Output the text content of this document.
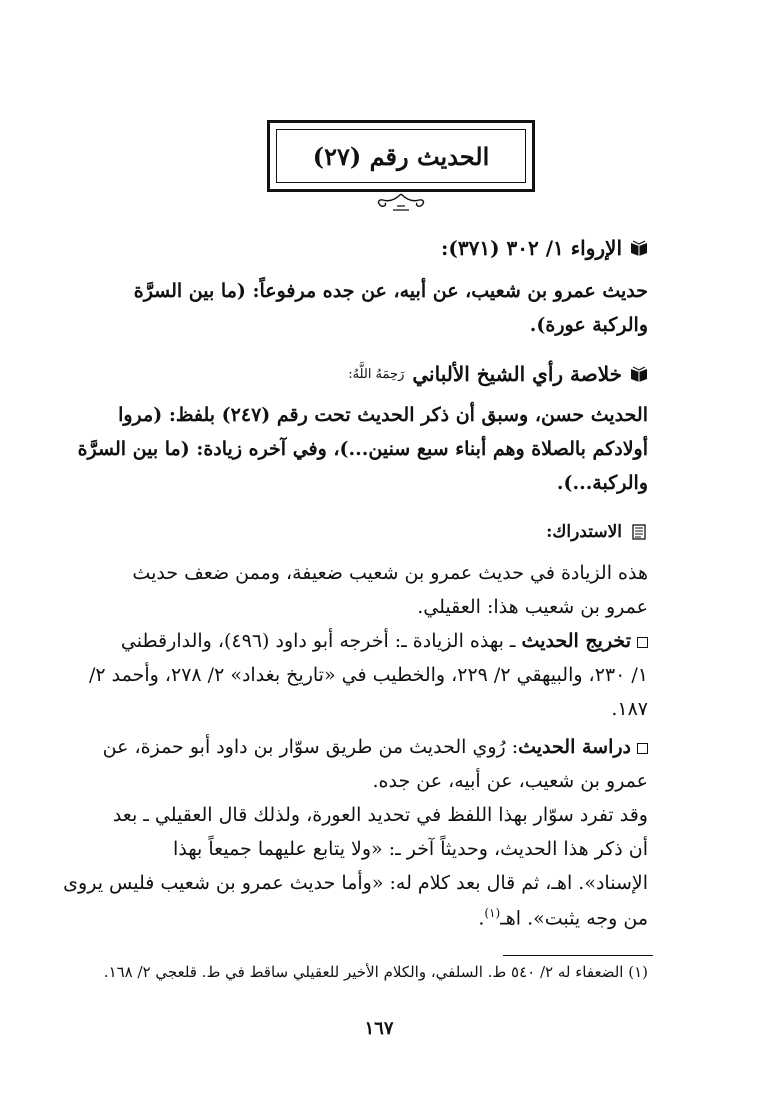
الحديث رقم (٢٧)
الإرواء ١/ ٣٠٢ (٣٧١):
حديث عمرو بن شعيب، عن أبيه، عن جده مرفوعاً: (ما بين السرَّة
والركبة عورة).
خلاصة رأي الشيخ الألباني
رَحِمَهُ اللَّهُ:
الحديث حسن، وسبق أن ذكر الحديث تحت رقم (٢٤٧) بلفظ: (مروا
أولادكم بالصلاة وهم أبناء سبع سنين...)، وفي آخره زيادة: (ما بين السرَّة
والركبة...).
الاستدراك:
هذه الزيادة في حديث عمرو بن شعيب ضعيفة، وممن ضعف حديث
عمرو بن شعيب هذا: العقيلي.
تخريج الحديث ـ بهذه الزيادة ـ: أخرجه أبو داود (٤٩٦)، والدارقطني
١/ ٢٣٠، والبيهقي ٢/ ٢٢٩، والخطيب في «تاريخ بغداد» ٢/ ٢٧٨، وأحمد ٢/
١٨٧.
دراسة الحديث: رُوي الحديث من طريق سوّار بن داود أبو حمزة، عن
عمرو بن شعيب، عن أبيه، عن جده.
وقد تفرد سوّار بهذا اللفظ في تحديد العورة، ولذلك قال العقيلي ـ بعد
أن ذكر هذا الحديث، وحديثاً آخر ـ: «ولا يتابع عليهما جميعاً بهذا
الإسناد». اهـ، ثم قال بعد كلام له: «وأما حديث عمرو بن شعيب فليس يروى
من وجه يثبت». اهـ$^{(١)}$.
(١) الضعفاء له ٢/ ٥٤٠ ط. السلفي، والكلام الأخير للعقيلي ساقط في ط. قلعجي ٢/ ١٦٨.
١٦٧
